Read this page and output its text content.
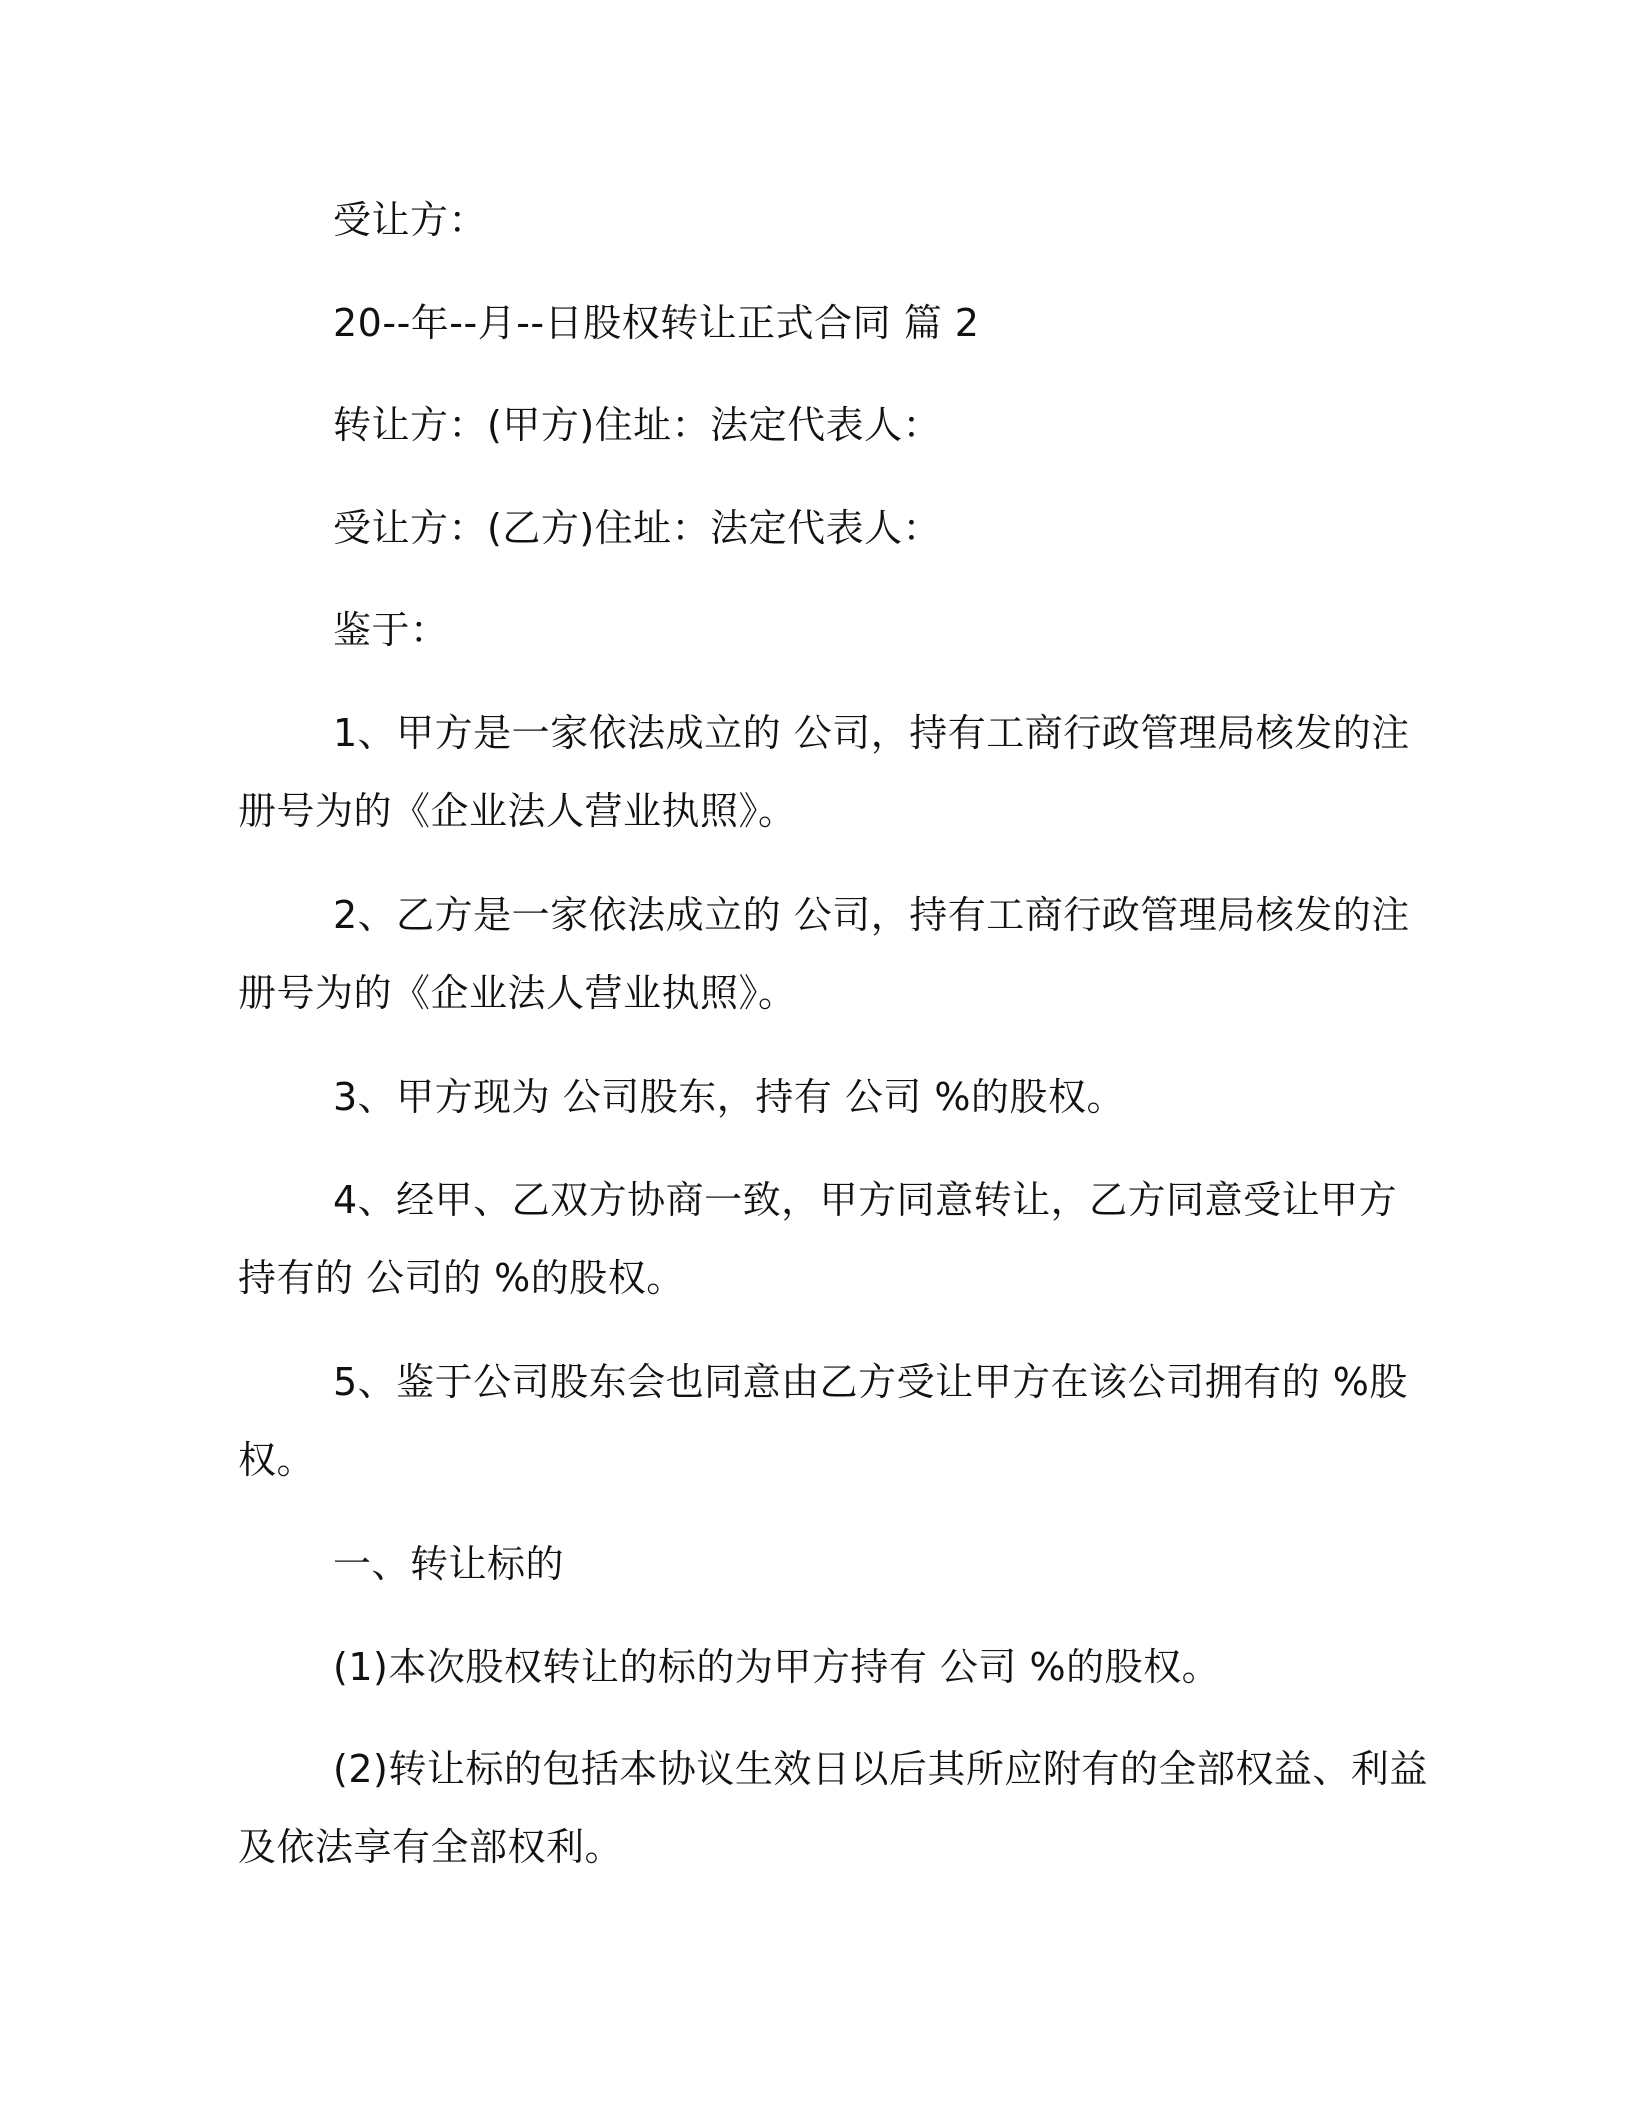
受让方：

20--年--月--日股权转让正式合同 篇 2

转让方：(甲方)住址：法定代表人：

受让方：(乙方)住址：法定代表人：

鉴于：

1、甲方是一家依法成立的 公司，持有工商行政管理局核发的注

册号为的《企业法人营业执照》。

2、乙方是一家依法成立的 公司，持有工商行政管理局核发的注

册号为的《企业法人营业执照》。

3、甲方现为 公司股东，持有 公司 %的股权。

4、经甲、乙双方协商一致，甲方同意转让，乙方同意受让甲方

持有的 公司的 %的股权。

5、鉴于公司股东会也同意由乙方受让甲方在该公司拥有的 %股

权。

一、转让标的

(1)本次股权转让的标的为甲方持有 公司 %的股权。

(2)转让标的包括本协议生效日以后其所应附有的全部权益、利益

及依法享有全部权利。
